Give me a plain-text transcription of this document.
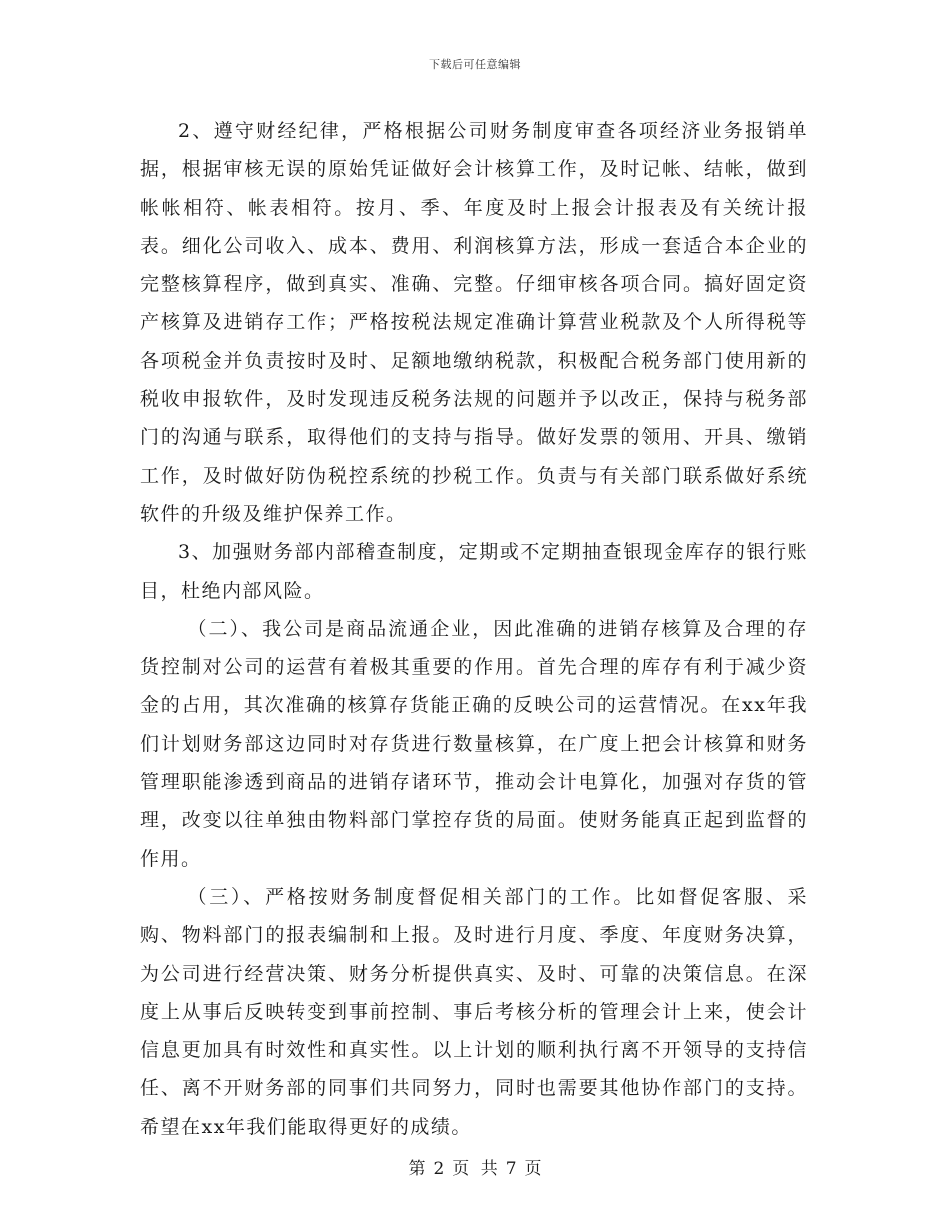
下载后可任意编辑

2、遵守财经纪律，严格根据公司财务制度审查各项经济业务报销单据，根据审核无误的原始凭证做好会计核算工作，及时记帐、结帐，做到帐帐相符、帐表相符。按月、季、年度及时上报会计报表及有关统计报表。细化公司收入、成本、费用、利润核算方法，形成一套适合本企业的完整核算程序，做到真实、准确、完整。仔细审核各项合同。搞好固定资产核算及进销存工作；严格按税法规定准确计算营业税款及个人所得税等各项税金并负责按时及时、足额地缴纳税款，积极配合税务部门使用新的税收申报软件，及时发现违反税务法规的问题并予以改正，保持与税务部门的沟通与联系，取得他们的支持与指导。做好发票的领用、开具、缴销工作，及时做好防伪税控系统的抄税工作。负责与有关部门联系做好系统软件的升级及维护保养工作。

3、加强财务部内部稽查制度，定期或不定期抽查银现金库存的银行账目，杜绝内部风险。

（二）、我公司是商品流通企业，因此准确的进销存核算及合理的存货控制对公司的运营有着极其重要的作用。首先合理的库存有利于减少资金的占用，其次准确的核算存货能正确的反映公司的运营情况。在xx年我们计划财务部这边同时对存货进行数量核算，在广度上把会计核算和财务管理职能渗透到商品的进销存诸环节，推动会计电算化，加强对存货的管理，改变以往单独由物料部门掌控存货的局面。使财务能真正起到监督的作用。

（三）、严格按财务制度督促相关部门的工作。比如督促客服、采购、物料部门的报表编制和上报。及时进行月度、季度、年度财务决算，为公司进行经营决策、财务分析提供真实、及时、可靠的决策信息。在深度上从事后反映转变到事前控制、事后考核分析的管理会计上来，使会计信息更加具有时效性和真实性。以上计划的顺利执行离不开领导的支持信任、离不开财务部的同事们共同努力，同时也需要其他协作部门的支持。希望在xx年我们能取得更好的成绩。

第 2 页 共 7 页
